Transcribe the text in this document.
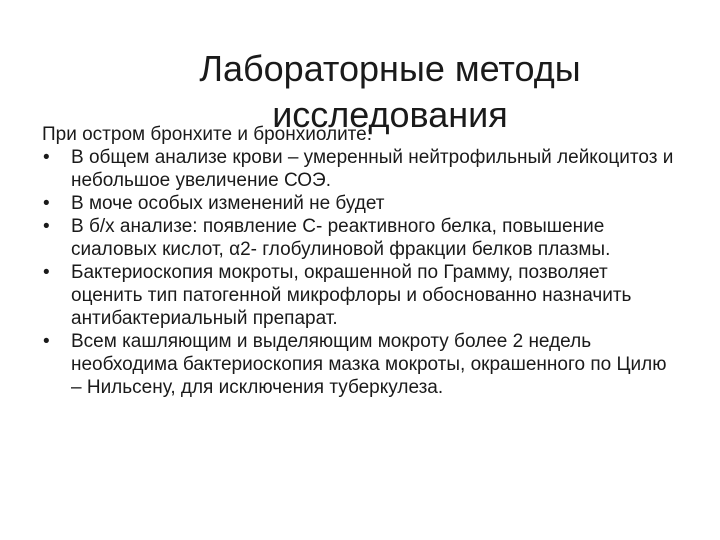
Лабораторные методы
исследования

При остром бронхите и бронхиолите:

• В общем анализе крови – умеренный нейтрофильный лейкоцитоз и небольшое увеличение СОЭ.
• В моче особых изменений не будет
• В б/х анализе: появление С- реактивного белка, повышение сиаловых кислот, α2- глобулиновой фракции белков плазмы.
• Бактериоскопия мокроты, окрашенной по Грамму, позволяет оценить тип патогенной микрофлоры и обоснованно назначить антибактериальный препарат.
• Всем кашляющим и выделяющим мокроту более 2 недель необходима бактериоскопия мазка мокроты, окрашенного по Цилю – Нильсену, для исключения туберкулеза.
